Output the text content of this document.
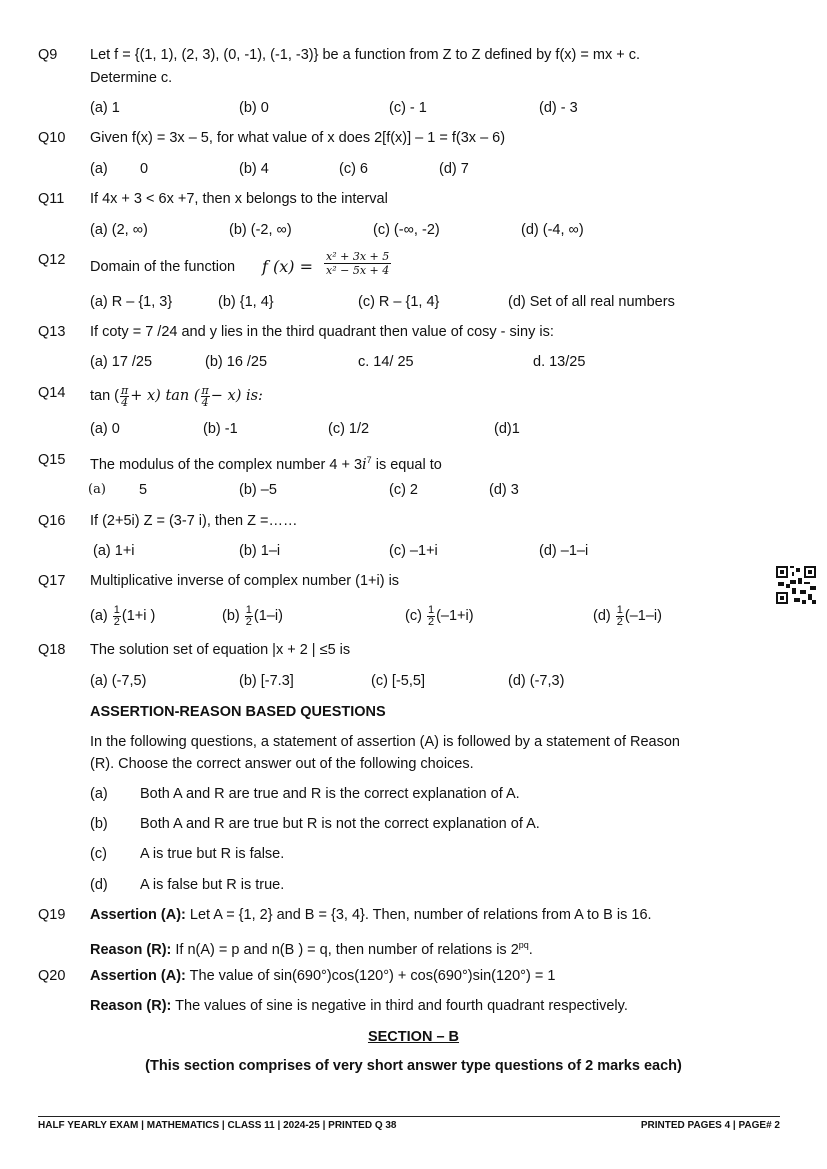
Q9 Let f = {(1, 1), (2, 3), (0, -1), (-1, -3)} be a function from Z to Z defined by f(x) = mx + c.
Determine c.
(a) 1	(b) 0	(c) - 1	(d) - 3
Q10 Given f(x) = 3x – 5, for what value of x does 2[f(x)] – 1 = f(3x – 6)
(a) 0	(b) 4	(c) 6	(d) 7
Q11 If 4x + 3 < 6x +7, then x belongs to the interval
(a) (2, ∞)	(b) (-2, ∞)	(c) (-∞, -2)	(d) (-4, ∞)
Q12 Domain of the function f $(x) = \frac{\text{x² + 3x + 5}}{\text{x² − 5x + 4}}$
(a) R – {1, 3}	(b) {1, 4}	(c) R – {1, 4}	(d) Set of all real numbers
Q13 If coty = 7 /24 and y lies in the third quadrant then value of cosy - siny is:
(a) 17 /25	(b) 16 /25	c. 14/ 25	d. 13/25
Q14 tan ( $\frac{\pi}{4} + x$) tan ( $\frac{\pi}{4} - x$) is:
(a) 0	(b) -1	(c) 1/2	(d)1
Q15 The modulus of the complex number $4 + 3i^7$ is equal to
(a) 5	(b) –5	(c) 2	(d) 3
Q16 If (2+5i) Z = (3-7 i), then Z =……
(a) 1+i	(b) 1–i	(c) –1+i	(d) –1–i
Q17 Multiplicative inverse of complex number (1+i) is
$(a) \frac{1}{2} (1+i$ )	$(b) \frac{1}{2} (1-i)$	$(c) \frac{1}{2} (-1+i)$	$(d) \frac{1}{2} (-1-i)$
Q18 The solution set of equation |x + 2 | ≤5 is
(a) (-7,5)	(b) [-7.3]	(c) [-5,5]	(d) (-7,3)
ASSERTION-REASON BASED QUESTIONS
In the following questions, a statement of assertion (A) is followed by a statement of Reason
(R). Choose the correct answer out of the following choices.
(a) Both A and R are true and R is the correct explanation of A.
(b) Both A and R are true but R is not the correct explanation of A.
(c) A is true but R is false.
(d) A is false but R is true.
Q19 Assertion (A): Let A = {1, 2} and B = {3, 4}. Then, number of relations from A to B is 16.
Reason (R): If n(A) = p and n(B ) = q, then number of relations is $2^{pq}$.
Q20 Assertion (A): The value of sin(690°)cos(120°) + cos(690°)sin(120°) = 1
Reason (R): The values of sine is negative in third and fourth quadrant respectively.
SECTION – B
(This section comprises of very short answer type questions of 2 marks each)
HALF YEARLY EXAM | MATHEMATICS | CLASS 11 | 2024-25 | PRINTED Q 38	PRINTED PAGES 4 | PAGE# 2
